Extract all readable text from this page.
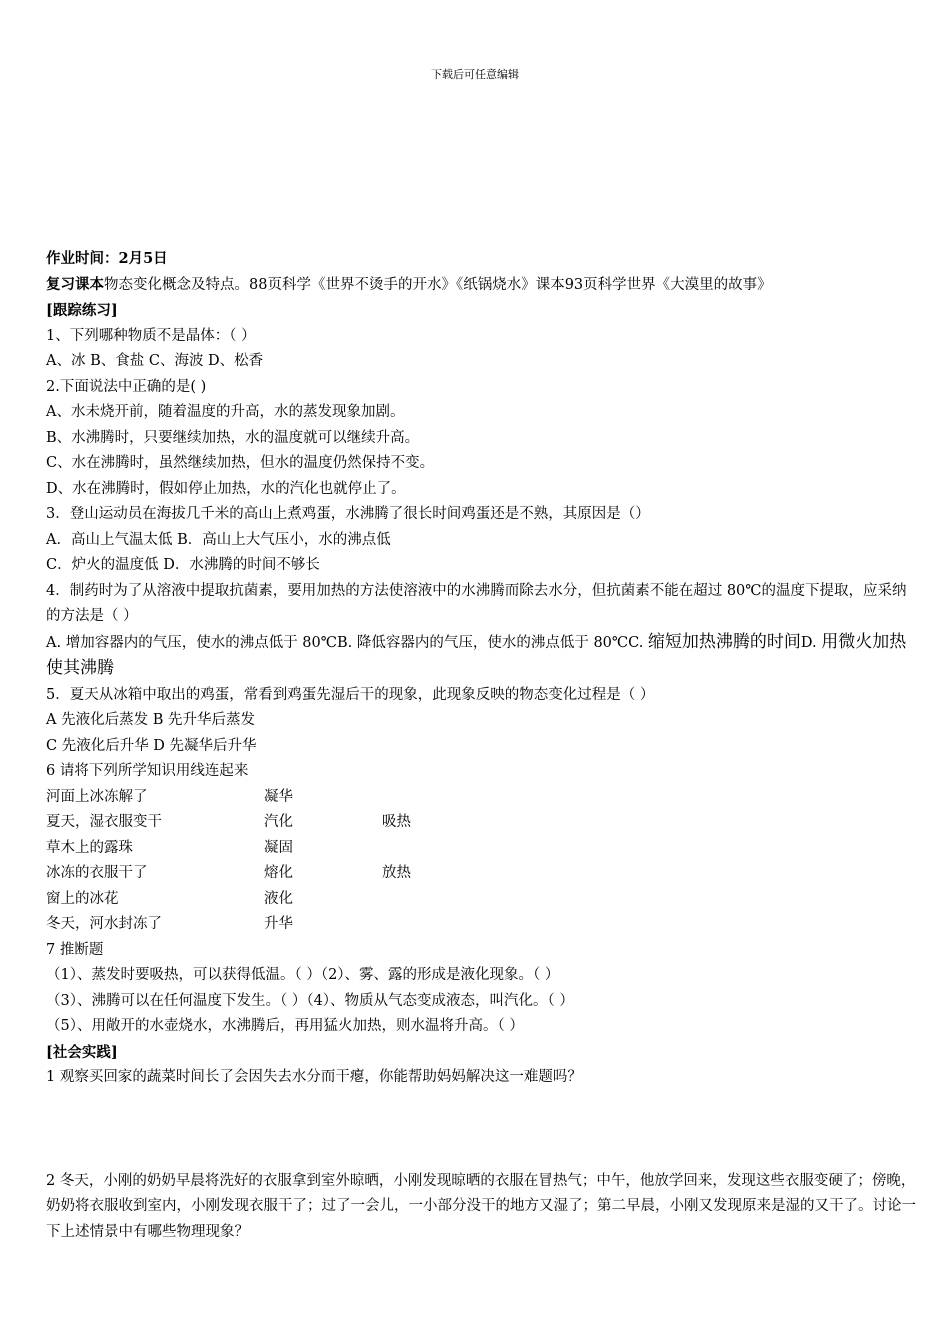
下载后可任意编辑

作业时间：2月5日

复习课本物态变化概念及特点。88页科学《世界不烫手的开水》《纸锅烧水》课本93页科学世界《大漠里的故事》

[跟踪练习]

1、下列哪种物质不是晶体：（ ）

A、冰 B、食盐 C、海波 D、松香

2.下面说法中正确的是( )

A、水未烧开前，随着温度的升高，水的蒸发现象加剧。

B、水沸腾时，只要继续加热，水的温度就可以继续升高。

C、水在沸腾时，虽然继续加热，但水的温度仍然保持不变。

D、水在沸腾时，假如停止加热，水的汽化也就停止了。

3．登山运动员在海拔几千米的高山上煮鸡蛋，水沸腾了很长时间鸡蛋还是不熟，其原因是（）

A．高山上气温太低 B．高山上大气压小，水的沸点低

C．炉火的温度低 D．水沸腾的时间不够长

4．制药时为了从溶液中提取抗菌素，要用加热的方法使溶液中的水沸腾而除去水分，但抗菌素不能在超过 80℃的温度下提取，应采纳的方法是（ ）

A. 增加容器内的气压，使水的沸点低于 80℃B. 降低容器内的气压，使水的沸点低于 80℃C. 缩短加热沸腾的时间D. 用微火加热使其沸腾

5．夏天从冰箱中取出的鸡蛋，常看到鸡蛋先湿后干的现象，此现象反映的物态变化过程是（ ）

A 先液化后蒸发 B 先升华后蒸发

C 先液化后升华 D 先凝华后升华

6 请将下列所学知识用线连起来

河面上冰冻解了	凝华
夏天，湿衣服变干	汽化	吸热
草木上的露珠	凝固
冰冻的衣服干了	熔化	放热
窗上的冰花	液化
冬天，河水封冻了	升华

7 推断题

（1）、蒸发时要吸热，可以获得低温。（ ）（2）、雾、露的形成是液化现象。（ ）

（3）、沸腾可以在任何温度下发生。（ ）（4）、物质从气态变成液态，叫汽化。（ ）

（5）、用敞开的水壶烧水，水沸腾后，再用猛火加热，则水温将升高。（ ）

[社会实践]

1 观察买回家的蔬菜时间长了会因失去水分而干瘪，你能帮助妈妈解决这一难题吗？

2 冬天，小刚的奶奶早晨将洗好的衣服拿到室外晾晒，小刚发现晾晒的衣服在冒热气；中午，他放学回来，发现这些衣服变硬了；傍晚，奶奶将衣服收到室内，小刚发现衣服干了；过了一会儿，一小部分没干的地方又湿了；第二早晨，小刚又发现原来是湿的又干了。讨论一下上述情景中有哪些物理现象？
